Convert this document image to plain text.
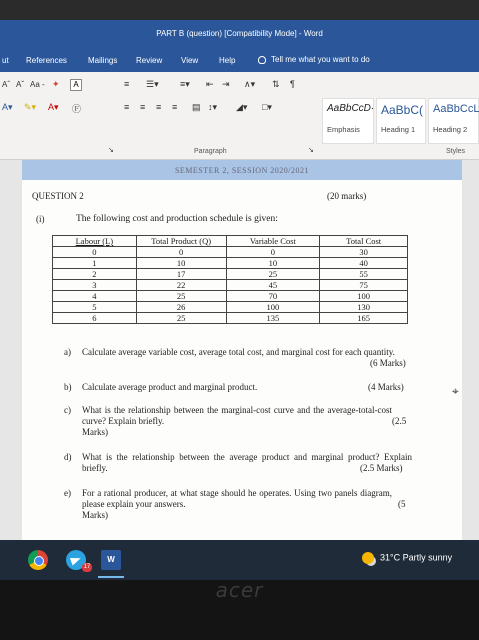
PART B (question) [Compatibility Mode] - Word
ut References	Mailings Review View	Help	Tell me what you want to do
Aˆ Aˇ Aa - ✦	A
A▾ ✎▾ A▾ Ⓕ
≡ ☰▾ ≡▾ ⇤ ⇥ ∧▾ ⇅ ¶
≡ ≡ ≡ ≡ ▤ ↕▾ ◢▾ □▾	AaBbCcD·
Emphasis
AaBbC(
Heading 1
AaBbCcL
Heading 2
↘	Paragraph	↘	Styles
SEMESTER 2, SESSION 2020/2021
QUESTION 2	(20 marks)
(i)	The following cost and production schedule is given:
Labour (L)	Total Product (Q)	Variable Cost	Total Cost
0	0	0	30
1	10	10	40
2	17	25	55
3	22	45	75
4	25	70	100
5	26	100	130
6	25	135	165
a) Calculate average variable cost, average total cost, and marginal cost for each quantity.
(6 Marks)
b) Calculate average product and marginal product.	(4 Marks)
c) What is the relationship between the marginal-cost curve and the average-total-cost curve? Explain briefly.	(2.5
Marks)
d) What is the relationship between the average product and marginal product? Explain briefly.	(2.5 Marks)
e) For a rational producer, at what stage should he operates. Using two panels diagram, please explain your answers.	(5
Marks)
17
W	31°C Partly sunny
⌖
acer
